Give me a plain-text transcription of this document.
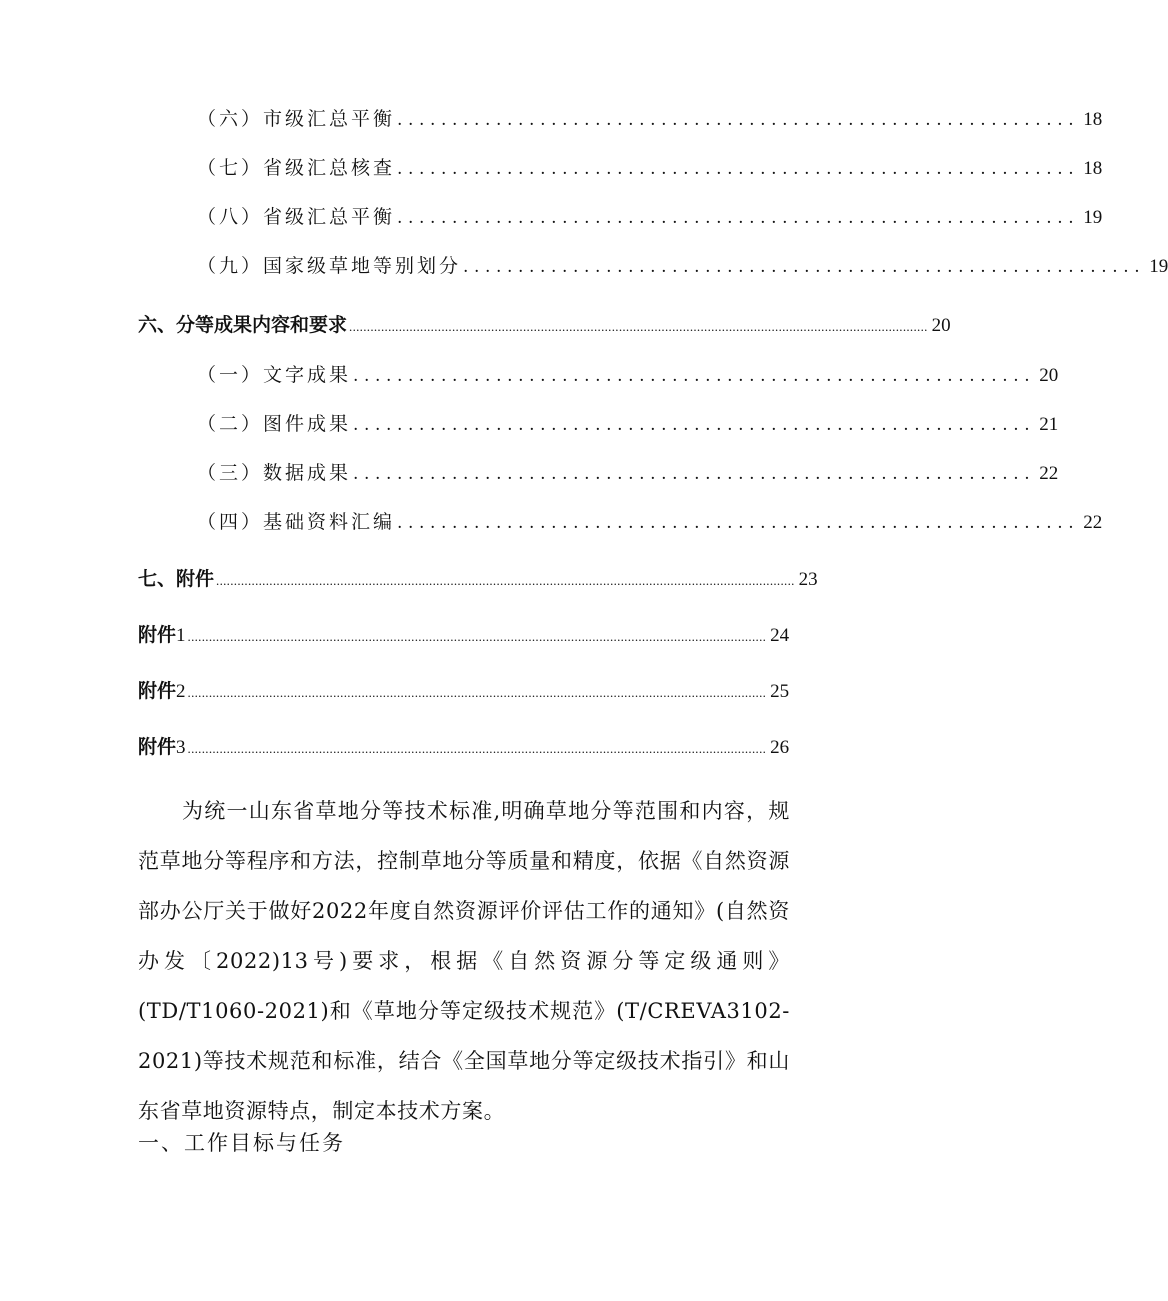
（六）市级汇总平衡 .............................................................. 18
（七）省级汇总核查 .............................................................. 18
（八）省级汇总平衡 .............................................................. 19
（九）国家级草地等别划分 .............................................................. 19
六、分等成果内容和要求 ................................................................................................................................................................... 20
（一）文字成果 .............................................................. 20
（二）图件成果 .............................................................. 21
（三）数据成果 .............................................................. 22
（四）基础资料汇编 .............................................................. 22
七、附件 ................................................................................................................................................................... 23
附件1 ................................................................................................................................................................... 24
附件2 ................................................................................................................................................................... 25
附件3 ................................................................................................................................................................... 26

为统一山东省草地分等技术标准,明确草地分等范围和内容，规范草地分等程序和方法，控制草地分等质量和精度，依据《自然资源部办公厅关于做好2022年度自然资源评价评估工作的通知》(自然资办发〔2022)13号)要求，根据《自然资源分等定级通则》(TD/T1060-2021)和《草地分等定级技术规范》(T/CREVA3102-2021)等技术规范和标准，结合《全国草地分等定级技术指引》和山东省草地资源特点，制定本技术方案。

一、工作目标与任务
